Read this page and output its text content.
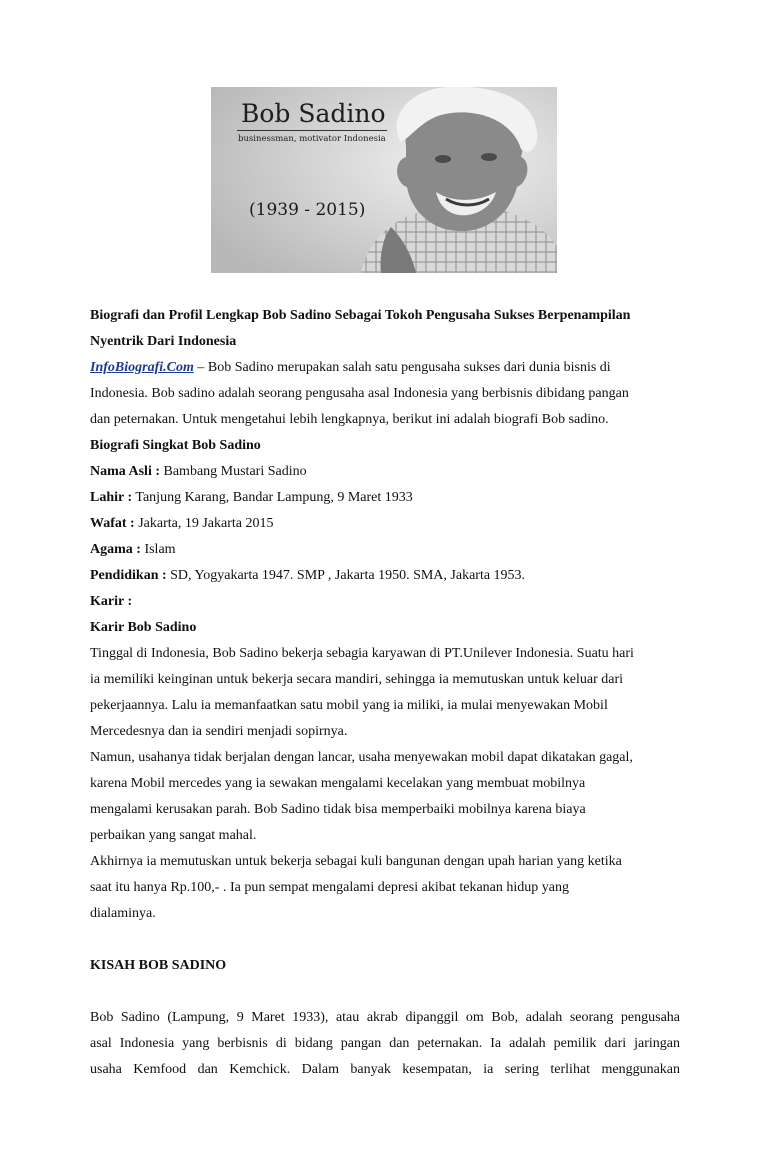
Bob Sadino
businessman, motivator Indonesia
(1939 - 2015)
Biografi dan Profil Lengkap Bob Sadino Sebagai Tokoh Pengusaha Sukses Berpenampilan
Nyentrik Dari Indonesia
InfoBiografi.Com – Bob Sadino merupakan salah satu pengusaha sukses dari dunia bisnis di
Indonesia. Bob sadino adalah seorang pengusaha asal Indonesia yang berbisnis dibidang pangan
dan peternakan. Untuk mengetahui lebih lengkapnya, berikut ini adalah biografi Bob sadino.
Biografi Singkat Bob Sadino
Nama Asli : Bambang Mustari Sadino
Lahir : Tanjung Karang, Bandar Lampung, 9 Maret 1933
Wafat : Jakarta, 19 Jakarta 2015
Agama : Islam
Pendidikan : SD, Yogyakarta 1947. SMP , Jakarta 1950. SMA, Jakarta 1953.
Karir :
Karir Bob Sadino
Tinggal di Indonesia, Bob Sadino bekerja sebagia karyawan di PT.Unilever Indonesia. Suatu hari
ia memiliki keinginan untuk bekerja secara mandiri, sehingga ia memutuskan untuk keluar dari
pekerjaannya. Lalu ia memanfaatkan satu mobil yang ia miliki, ia mulai menyewakan Mobil
Mercedesnya dan ia sendiri menjadi sopirnya.
Namun, usahanya tidak berjalan dengan lancar, usaha menyewakan mobil dapat dikatakan gagal,
karena Mobil mercedes yang ia sewakan mengalami kecelakan yang membuat mobilnya
mengalami kerusakan parah. Bob Sadino tidak bisa memperbaiki mobilnya karena biaya
perbaikan yang sangat mahal.
Akhirnya ia memutuskan untuk bekerja sebagai kuli bangunan dengan upah harian yang ketika
saat itu hanya Rp.100,- . Ia pun sempat mengalami depresi akibat tekanan hidup yang
dialaminya.
KISAH BOB SADINO
Bob Sadino (Lampung, 9 Maret 1933), atau akrab dipanggil om Bob, adalah seorang pengusaha
asal Indonesia yang berbisnis di bidang pangan dan peternakan. Ia adalah pemilik dari jaringan
usaha Kemfood dan Kemchick. Dalam banyak kesempatan, ia sering terlihat menggunakan
